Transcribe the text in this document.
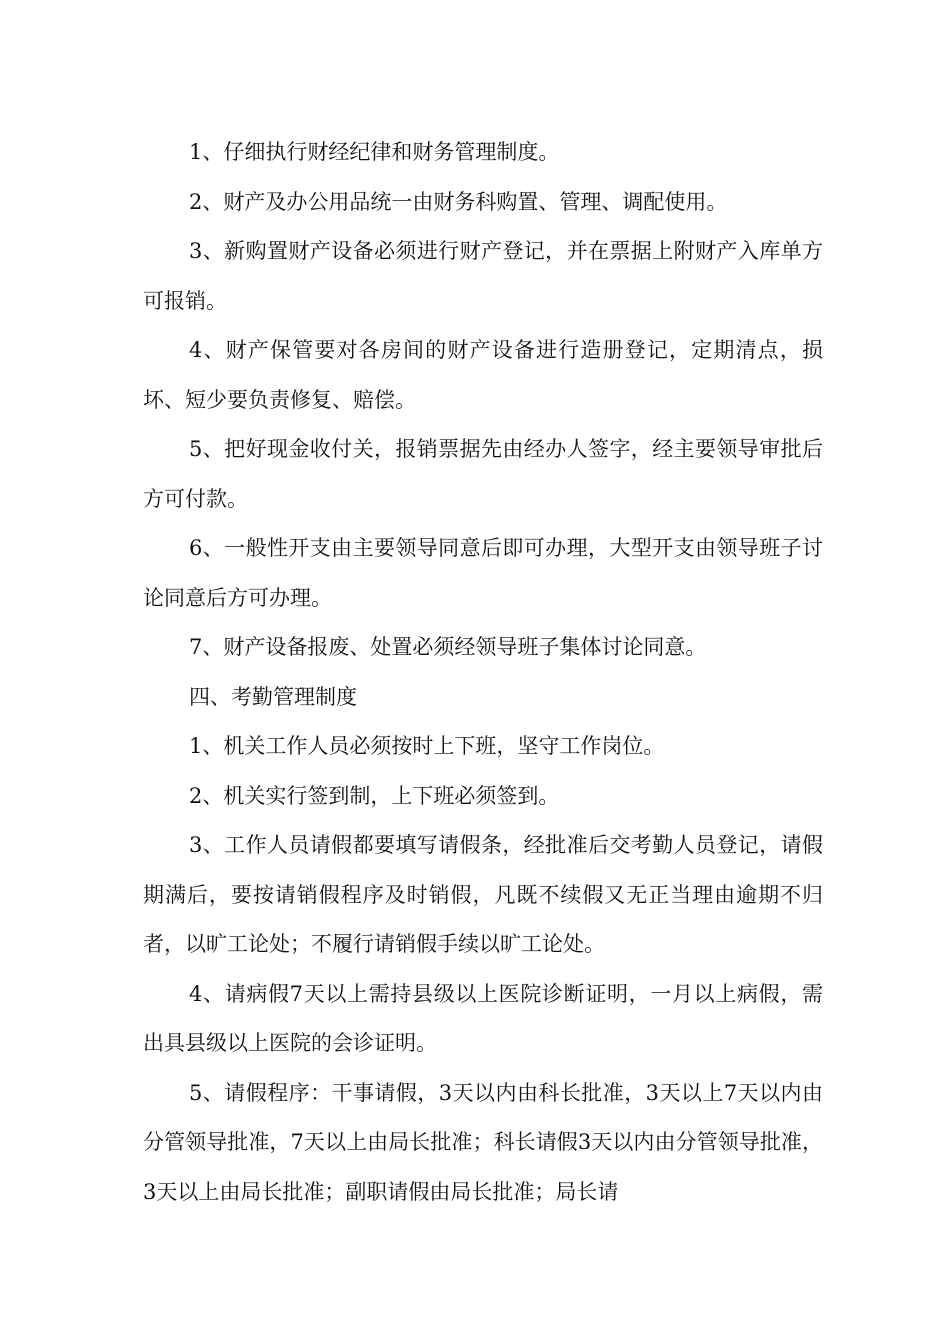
1、仔细执行财经纪律和财务管理制度。

2、财产及办公用品统一由财务科购置、管理、调配使用。

3、新购置财产设备必须进行财产登记，并在票据上附财产入库单方可报销。

4、财产保管要对各房间的财产设备进行造册登记，定期清点，损坏、短少要负责修复、赔偿。

5、把好现金收付关，报销票据先由经办人签字，经主要领导审批后方可付款。

6、一般性开支由主要领导同意后即可办理，大型开支由领导班子讨论同意后方可办理。

7、财产设备报废、处置必须经领导班子集体讨论同意。

四、考勤管理制度

1、机关工作人员必须按时上下班，坚守工作岗位。

2、机关实行签到制，上下班必须签到。

3、工作人员请假都要填写请假条，经批准后交考勤人员登记，请假期满后，要按请销假程序及时销假，凡既不续假又无正当理由逾期不归者，以旷工论处；不履行请销假手续以旷工论处。

4、请病假7天以上需持县级以上医院诊断证明，一月以上病假，需出具县级以上医院的会诊证明。

5、请假程序：干事请假，3天以内由科长批准，3天以上7天以内由分管领导批准，7天以上由局长批准；科长请假3天以内由分管领导批准，3天以上由局长批准；副职请假由局长批准；局长请
